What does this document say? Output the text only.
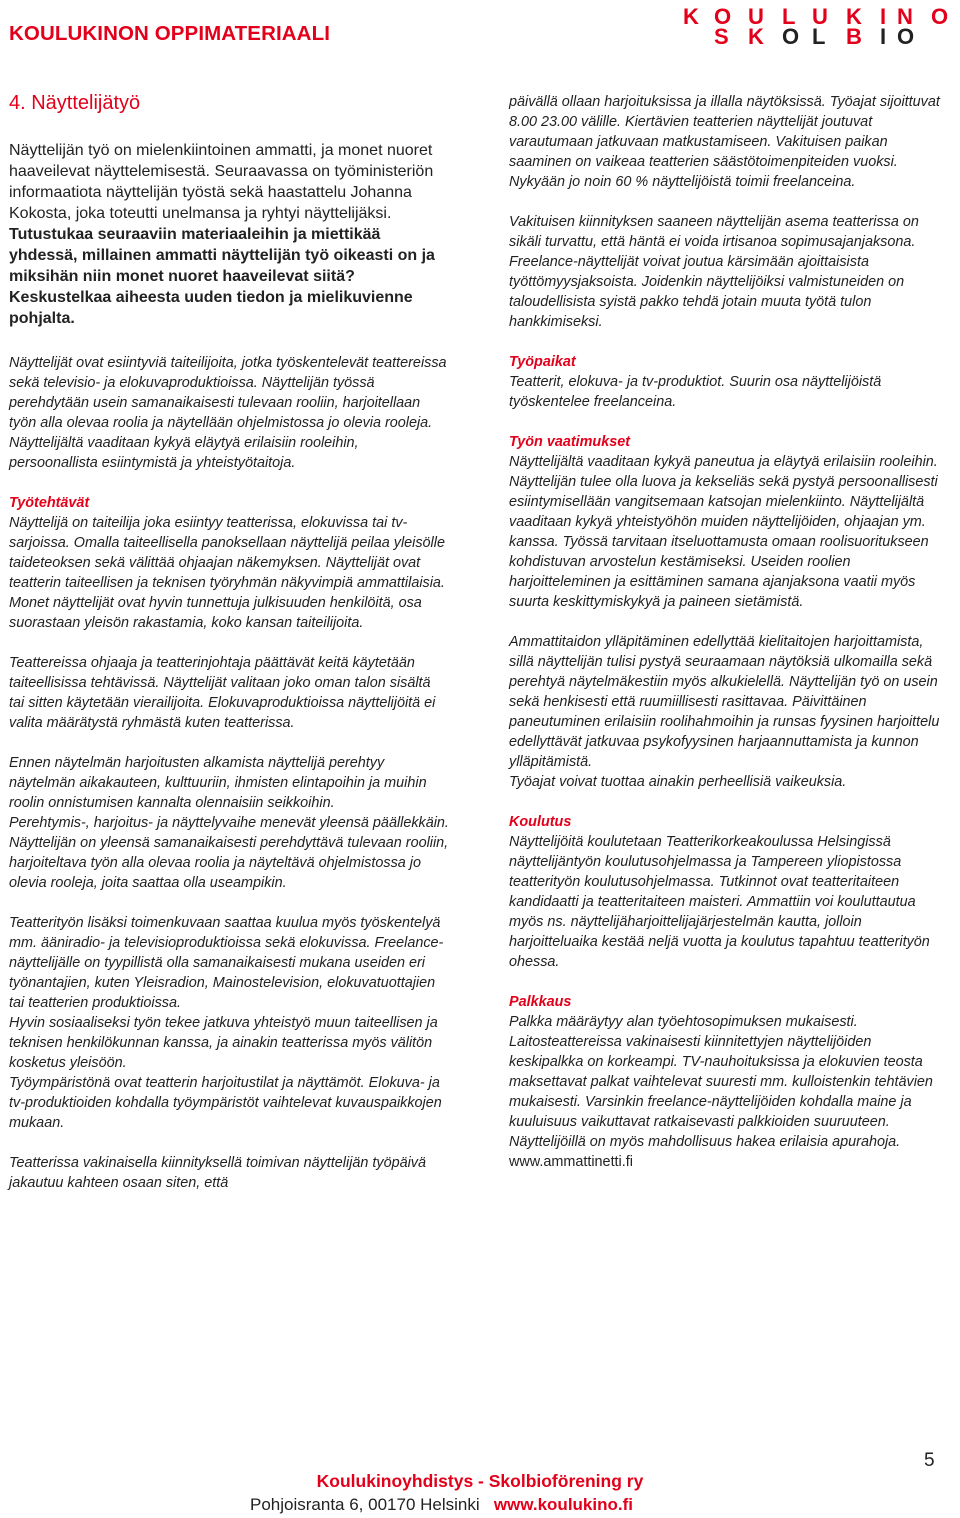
KOULUKINON OPPIMATERIAALI

K

O

U

L

U

K

I

N

O

S

K

O

L

B

I

O

4. Näyttelijätyö

Näyttelijän työ on mielenkiintoinen ammatti, ja monet nuoret haaveilevat näyttelemisestä. Seuraavassa on työministeriön informaatiota näyttelijän työstä sekä haastattelu Johanna Kokosta, joka toteutti unelmansa ja ryhtyi näyttelijäksi. Tutustukaa seuraaviin materiaaleihin ja miettikää yhdessä, millainen ammatti näyttelijän työ oikeasti on ja miksihän niin monet nuoret haaveilevat siitä? Keskustelkaa aiheesta uuden tiedon ja mielikuvienne pohjalta.

Näyttelijät ovat esiintyviä taiteilijoita, jotka työskentelevät teattereissa sekä televisio- ja elokuvaproduktioissa. Näyttelijän työssä perehdytään usein samanaikaisesti tulevaan rooliin, harjoitellaan työn alla olevaa roolia ja näytellään ohjelmistossa jo olevia rooleja. Näyttelijältä vaaditaan kykyä eläytyä erilaisiin rooleihin, persoonallista esiintymistä ja yhteistyötaitoja.

Työtehtävät

Näyttelijä on taiteilija joka esiintyy teatterissa, elokuvissa tai tv-sarjoissa. Omalla taiteellisella panoksellaan näyttelijä peilaa yleisölle taideteoksen sekä välittää ohjaajan näkemyksen. Näyttelijät ovat teatterin taiteellisen ja teknisen työryhmän näkyvimpiä ammattilaisia. Monet näyttelijät ovat hyvin tunnettuja julkisuuden henkilöitä, osa suorastaan yleisön rakastamia, koko kansan taiteilijoita.

Teattereissa ohjaaja ja teatterinjohtaja päättävät keitä käytetään taiteellisissa tehtävissä. Näyttelijät valitaan joko oman talon sisältä tai sitten käytetään vierailijoita. Elokuvaproduktioissa näyttelijöitä ei valita määrätystä ryhmästä kuten teatterissa.

Ennen näytelmän harjoitusten alkamista näyttelijä perehtyy näytelmän aikakauteen, kulttuuriin, ihmisten elintapoihin ja muihin roolin onnistumisen kannalta olennaisiin seikkoihin.

Perehtymis-, harjoitus- ja näyttelyvaihe menevät yleensä päällekkäin. Näyttelijän on yleensä samanaikaisesti perehdyttävä tulevaan rooliin, harjoiteltava työn alla olevaa roolia ja näyteltävä ohjelmistossa jo olevia rooleja, joita saattaa olla useampikin.

Teatterityön lisäksi toimenkuvaan saattaa kuulua myös työskentelyä mm. ääniradio- ja televisioproduktioissa sekä elokuvissa. Freelance-näyttelijälle on tyypillistä olla samanaikaisesti mukana useiden eri työnantajien, kuten Yleisradion, Mainostelevision, elokuvatuottajien tai teatterien produktioissa.

Hyvin sosiaaliseksi työn tekee jatkuva yhteistyö muun taiteellisen ja teknisen henkilökunnan kanssa, ja ainakin teatterissa myös välitön kosketus yleisöön.

Työympäristönä ovat teatterin harjoitustilat ja näyttämöt. Elokuva- ja tv-produktioiden kohdalla työympäristöt vaihtelevat kuvauspaikkojen mukaan.

Teatterissa vakinaisella kiinnityksellä toimivan näyttelijän työpäivä jakautuu kahteen osaan siten, että

päivällä ollaan harjoituksissa ja illalla näytöksissä. Työajat sijoittuvat 8.00 23.00 välille. Kiertävien teatterien näyttelijät joutuvat varautumaan jatkuvaan matkustamiseen. Vakituisen paikan saaminen on vaikeaa teatterien säästötoimenpiteiden vuoksi. Nykyään jo noin 60 % näyttelijöistä toimii freelanceina.

Vakituisen kiinnityksen saaneen näyttelijän asema teatterissa on sikäli turvattu, että häntä ei voida irtisanoa sopimusajanjaksona. Freelance-näyttelijät voivat joutua kärsimään ajoittaisista työttömyysjaksoista. Joidenkin näyttelijöiksi valmistuneiden on taloudellisista syistä pakko tehdä jotain muuta työtä tulon hankkimiseksi.

Työpaikat

Teatterit, elokuva- ja tv-produktiot. Suurin osa näyttelijöistä työskentelee freelanceina.

Työn vaatimukset

Näyttelijältä vaaditaan kykyä paneutua ja eläytyä erilaisiin rooleihin. Näyttelijän tulee olla luova ja kekseliäs sekä pystyä persoonallisesti esiintymisellään vangitsemaan katsojan mielenkiinto. Näyttelijältä vaaditaan kykyä yhteistyöhön muiden näyttelijöiden, ohjaajan ym. kanssa. Työssä tarvitaan itseluottamusta omaan roolisuoritukseen kohdistuvan arvostelun kestämiseksi. Useiden roolien harjoitteleminen ja esittäminen samana ajanjaksona vaatii myös suurta keskittymiskykyä ja paineen sietämistä.

Ammattitaidon ylläpitäminen edellyttää kielitaitojen harjoittamista, sillä näyttelijän tulisi pystyä seuraamaan näytöksiä ulkomailla sekä perehtyä näytelmäkestiin myös alkukielellä. Näyttelijän työ on usein sekä henkisesti että ruumiillisesti rasittavaa. Päivittäinen paneutuminen erilaisiin roolihahmoihin ja runsas fyysinen harjoittelu edellyttävät jatkuvaa psykofyysinen harjaannuttamista ja kunnon ylläpitämistä.

Työajat voivat tuottaa ainakin perheellisiä vaikeuksia.

Koulutus

Näyttelijöitä koulutetaan Teatterikorkeakoulussa Helsingissä näyttelijäntyön koulutusohjelmassa ja Tampereen yliopistossa teatterityön koulutusohjelmassa. Tutkinnot ovat teatteritaiteen kandidaatti ja teatteritaiteen maisteri. Ammattiin voi kouluttautua myös ns. näyttelijäharjoittelijajärjestelmän kautta, jolloin harjoitteluaika kestää neljä vuotta ja koulutus tapahtuu teatterityön ohessa.

Palkkaus

Palkka määräytyy alan työehtosopimuksen mukaisesti. Laitosteattereissa vakinaisesti kiinnitettyjen näyttelijöiden keskipalkka on korkeampi. TV-nauhoituksissa ja elokuvien teosta maksettavat palkat vaihtelevat suuresti mm. kulloistenkin tehtävien mukaisesti. Varsinkin freelance-näyttelijöiden kohdalla maine ja kuuluisuus vaikuttavat ratkaisevasti palkkioiden suuruuteen. Näyttelijöillä on myös mahdollisuus hakea erilaisia apurahoja.

www.ammattinetti.fi

5
Koulukinoyhdistys - Skolbioförening ry
Pohjoisranta 6, 00170 Helsinki www.koulukino.fi
